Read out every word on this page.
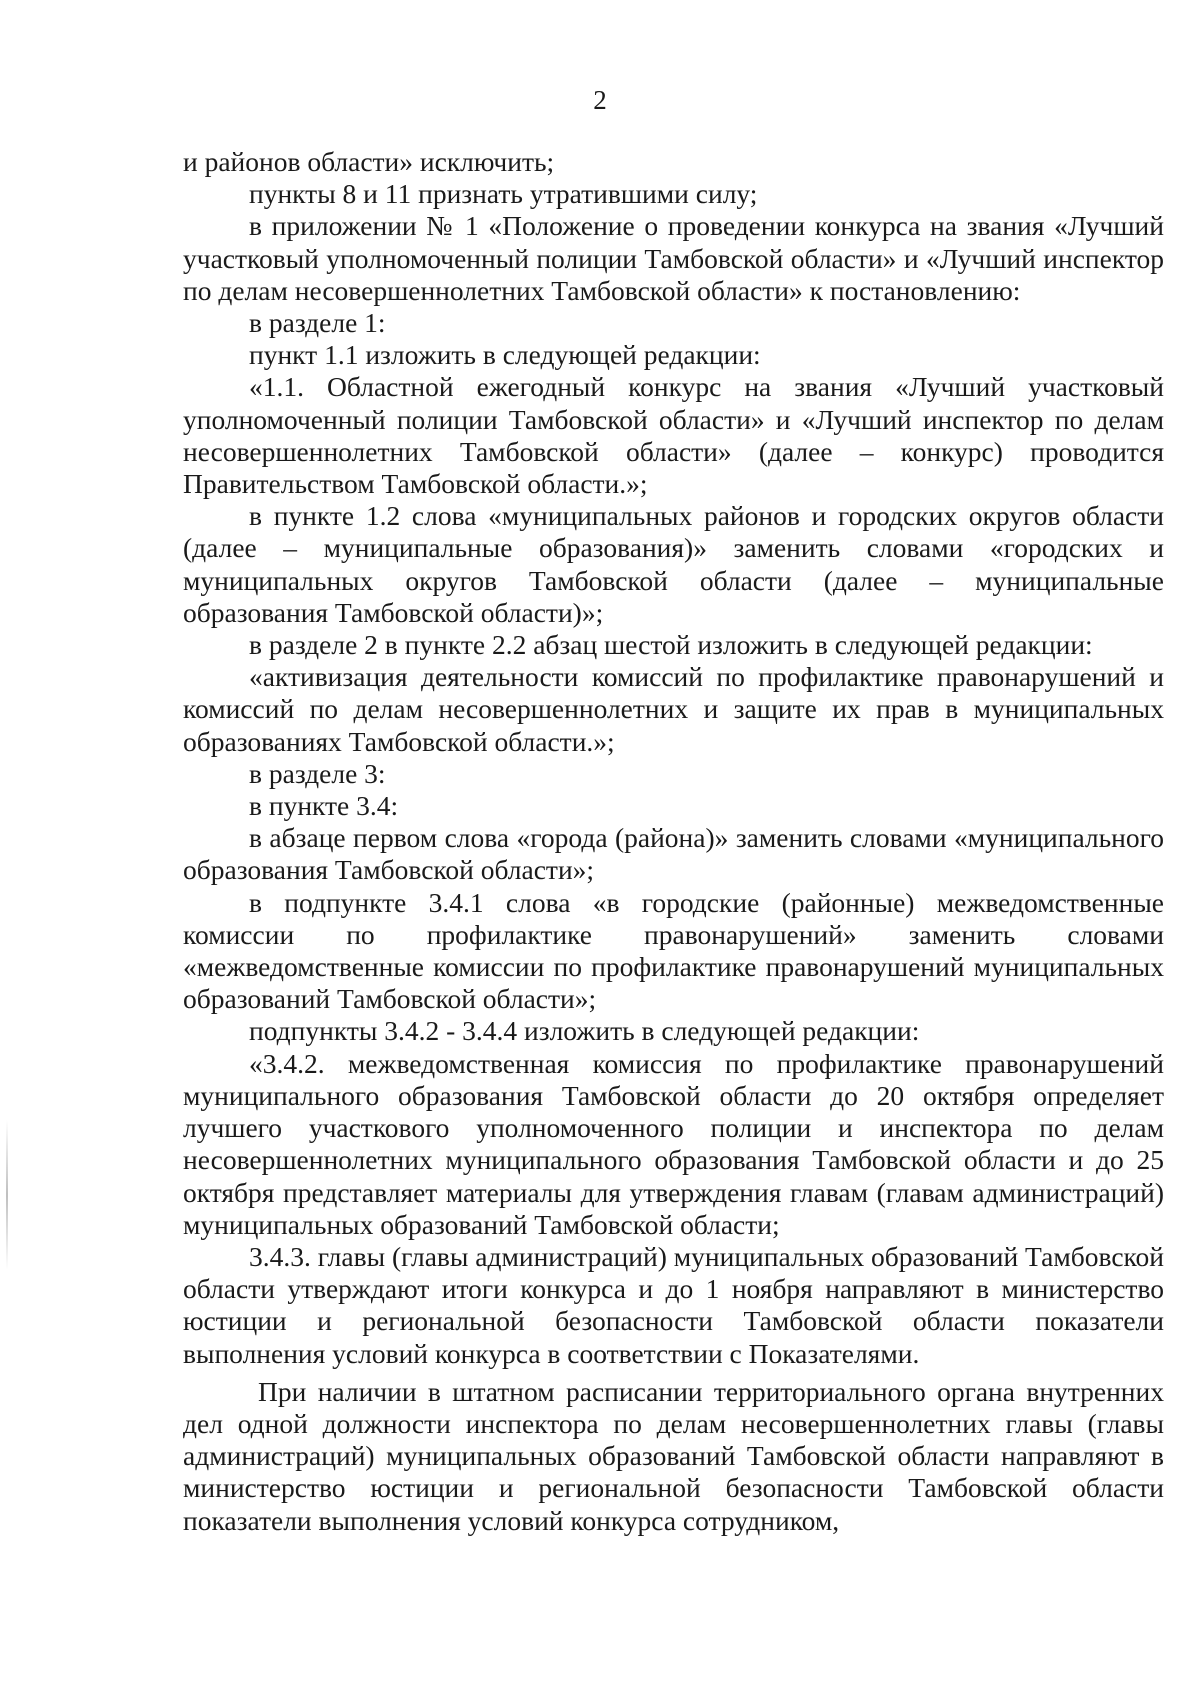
2

и районов области» исключить;

пункты 8 и 11 признать утратившими силу;

в приложении № 1 «Положение о проведении конкурса на звания «Лучший участковый уполномоченный полиции Тамбовской области» и «Лучший инспектор по делам несовершеннолетних Тамбовской области» к постановлению:

в разделе 1:

пункт 1.1 изложить в следующей редакции:

«1.1. Областной ежегодный конкурс на звания «Лучший участковый уполномоченный полиции Тамбовской области» и «Лучший инспектор по делам несовершеннолетних Тамбовской области» (далее – конкурс) проводится Правительством Тамбовской области.»;

в пункте 1.2 слова «муниципальных районов и городских округов области (далее – муниципальные образования)» заменить словами «городских и муниципальных округов Тамбовской области (далее – муниципальные образования Тамбовской области)»;

в разделе 2 в пункте 2.2 абзац шестой изложить в следующей редакции:

«активизация деятельности комиссий по профилактике правонарушений и комиссий по делам несовершеннолетних и защите их прав в муниципальных образованиях Тамбовской области.»;

в разделе 3:

в пункте 3.4:

в абзаце первом слова «города (района)» заменить словами «муниципального образования Тамбовской области»;

в подпункте 3.4.1 слова «в городские (районные) межведомственные комиссии по профилактике правонарушений» заменить словами «межведомственные комиссии по профилактике правонарушений муниципальных образований Тамбовской области»;

подпункты 3.4.2 - 3.4.4 изложить в следующей редакции:

«3.4.2. межведомственная комиссия по профилактике правонарушений муниципального образования Тамбовской области до 20 октября определяет лучшего участкового уполномоченного полиции и инспектора по делам несовершеннолетних муниципального образования Тамбовской области и до 25 октября представляет материалы для утверждения главам (главам администраций) муниципальных образований Тамбовской области;

3.4.3. главы (главы администраций) муниципальных образований Тамбовской области утверждают итоги конкурса и до 1 ноября направляют в министерство юстиции и региональной безопасности Тамбовской области показатели выполнения условий конкурса в соответствии с Показателями.

При наличии в штатном расписании территориального органа внутренних дел одной должности инспектора по делам несовершеннолетних главы (главы администраций) муниципальных образований Тамбовской области направляют в министерство юстиции и региональной безопасности Тамбовской области показатели выполнения условий конкурса сотрудником,
